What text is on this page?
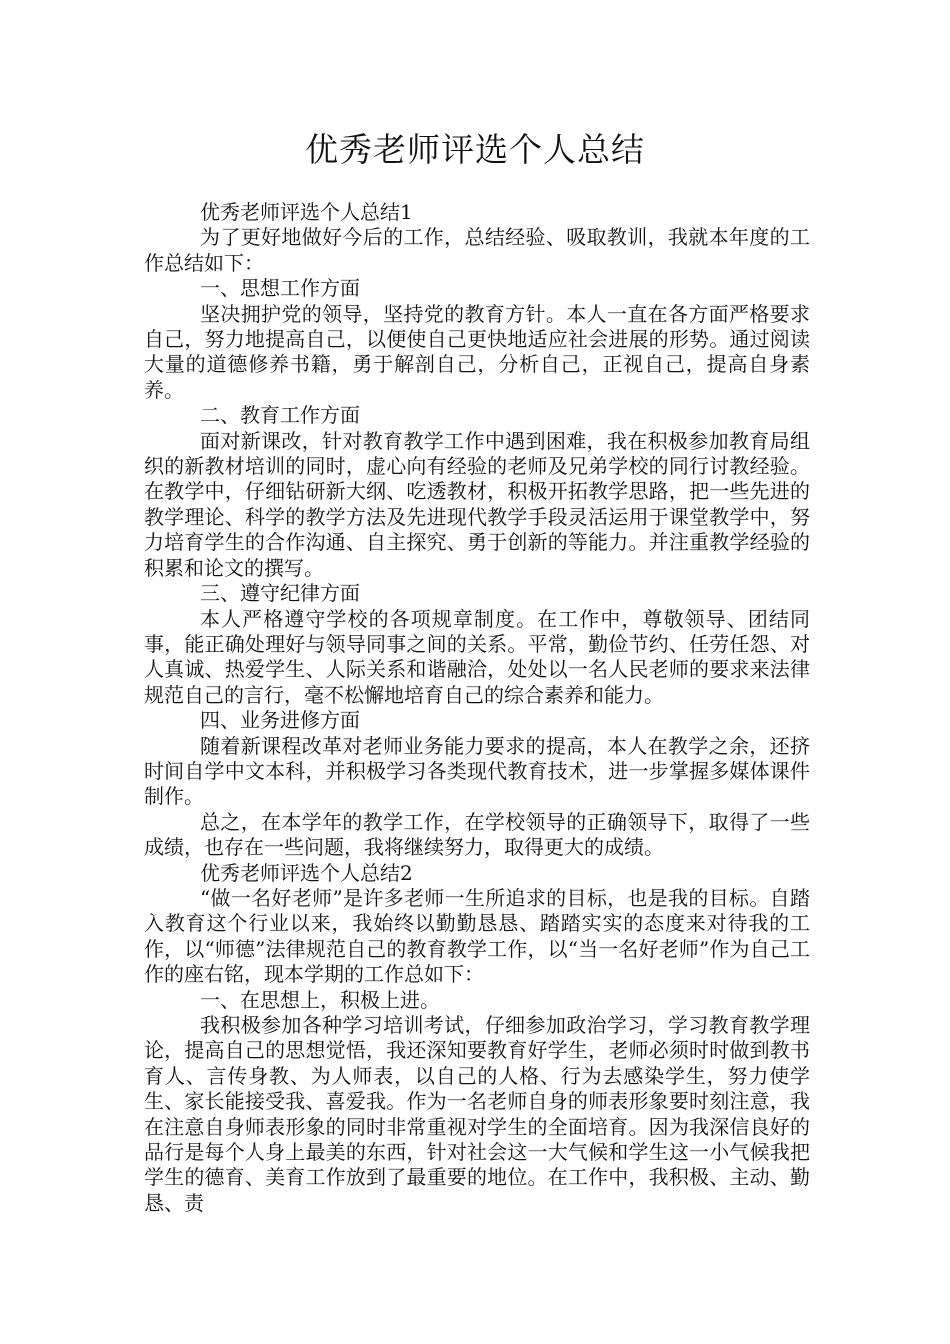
优秀老师评选个人总结

优秀老师评选个人总结1

为了更好地做好今后的工作，总结经验、吸取教训，我就本年度的工作总结如下：

一、思想工作方面

坚决拥护党的领导，坚持党的教育方针。本人一直在各方面严格要求自己，努力地提高自己，以便使自己更快地适应社会进展的形势。通过阅读大量的道德修养书籍，勇于解剖自己，分析自己，正视自己，提高自身素养。

二、教育工作方面

面对新课改，针对教育教学工作中遇到困难，我在积极参加教育局组织的新教材培训的同时，虚心向有经验的老师及兄弟学校的同行讨教经验。在教学中，仔细钻研新大纲、吃透教材，积极开拓教学思路，把一些先进的教学理论、科学的教学方法及先进现代教学手段灵活运用于课堂教学中，努力培育学生的合作沟通、自主探究、勇于创新的等能力。并注重教学经验的积累和论文的撰写。

三、遵守纪律方面

本人严格遵守学校的各项规章制度。在工作中，尊敬领导、团结同事，能正确处理好与领导同事之间的关系。平常，勤俭节约、任劳任怨、对人真诚、热爱学生、人际关系和谐融洽，处处以一名人民老师的要求来法律规范自己的言行，毫不松懈地培育自己的综合素养和能力。

四、业务进修方面

随着新课程改革对老师业务能力要求的提高，本人在教学之余，还挤时间自学中文本科，并积极学习各类现代教育技术，进一步掌握多媒体课件制作。

总之，在本学年的教学工作，在学校领导的正确领导下，取得了一些成绩，也存在一些问题，我将继续努力，取得更大的成绩。

优秀老师评选个人总结2

“做一名好老师”是许多老师一生所追求的目标，也是我的目标。自踏入教育这个行业以来，我始终以勤勤恳恳、踏踏实实的态度来对待我的工作，以“师德”法律规范自己的教育教学工作，以“当一名好老师”作为自己工作的座右铭，现本学期的工作总如下：

一、在思想上，积极上进。

我积极参加各种学习培训考试，仔细参加政治学习，学习教育教学理论，提高自己的思想觉悟，我还深知要教育好学生，老师必须时时做到教书育人、言传身教、为人师表，以自己的人格、行为去感染学生，努力使学生、家长能接受我、喜爱我。作为一名老师自身的师表形象要时刻注意，我在注意自身师表形象的同时非常重视对学生的全面培育。因为我深信良好的品行是每个人身上最美的东西，针对社会这一大气候和学生这一小气候我把学生的德育、美育工作放到了最重要的地位。在工作中，我积极、主动、勤恳、责
